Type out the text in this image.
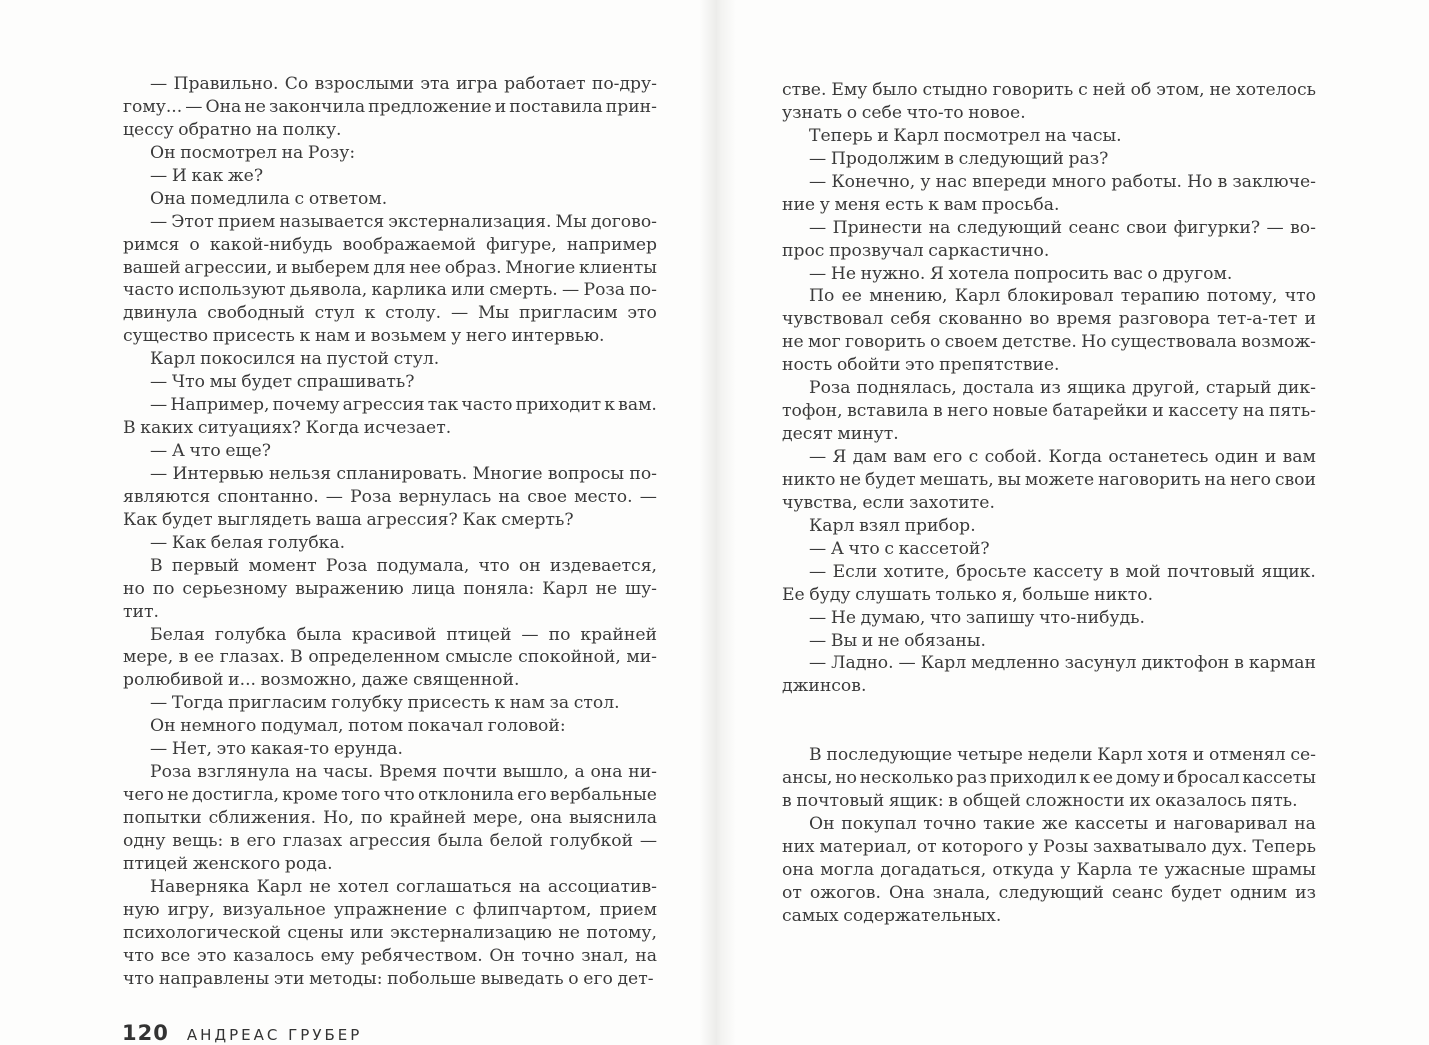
— Правильно. Со взрослыми эта игра работает по-дру-
гому... — Она не закончила предложение и поставила прин-
цессу обратно на полку.
Он посмотрел на Розу:
— И как же?
Она помедлила с ответом.
— Этот прием называется экстернализация. Мы догово-
римся о какой-нибудь воображаемой фигуре, например
вашей агрессии, и выберем для нее образ. Многие клиенты
часто используют дьявола, карлика или смерть. — Роза по-
двинула свободный стул к столу. — Мы пригласим это
существо присесть к нам и возьмем у него интервью.
Карл покосился на пустой стул.
— Что мы будет спрашивать?
— Например, почему агрессия так часто приходит к вам.
В каких ситуациях? Когда исчезает.
— А что еще?
— Интервью нельзя спланировать. Многие вопросы по-
являются спонтанно. — Роза вернулась на свое место. —
Как будет выглядеть ваша агрессия? Как смерть?
— Как белая голубка.
В первый момент Роза подумала, что он издевается,
но по серьезному выражению лица поняла: Карл не шу-
тит.
Белая голубка была красивой птицей — по крайней
мере, в ее глазах. В определенном смысле спокойной, ми-
ролюбивой и... возможно, даже священной.
— Тогда пригласим голубку присесть к нам за стол.
Он немного подумал, потом покачал головой:
— Нет, это какая-то ерунда.
Роза взглянула на часы. Время почти вышло, а она ни-
чего не достигла, кроме того что отклонила его вербальные
попытки сближения. Но, по крайней мере, она выяснила
одну вещь: в его глазах агрессия была белой голубкой —
птицей женского рода.
Наверняка Карл не хотел соглашаться на ассоциатив-
ную игру, визуальное упражнение с флипчартом, прием
психологической сцены или экстернализацию не потому,
что все это казалось ему ребячеством. Он точно знал, на
что направлены эти методы: побольше выведать о его дет-
120 АНДРЕАС ГРУБЕР
стве. Ему было стыдно говорить с ней об этом, не хотелось
узнать о себе что-то новое.
Теперь и Карл посмотрел на часы.
— Продолжим в следующий раз?
— Конечно, у нас впереди много работы. Но в заключе-
ние у меня есть к вам просьба.
— Принести на следующий сеанс свои фигурки? — во-
прос прозвучал саркастично.
— Не нужно. Я хотела попросить вас о другом.
По ее мнению, Карл блокировал терапию потому, что
чувствовал себя скованно во время разговора тет-а-тет и
не мог говорить о своем детстве. Но существовала возмож-
ность обойти это препятствие.
Роза поднялась, достала из ящика другой, старый дик-
тофон, вставила в него новые батарейки и кассету на пять-
десят минут.
— Я дам вам его с собой. Когда останетесь один и вам
никто не будет мешать, вы можете наговорить на него свои
чувства, если захотите.
Карл взял прибор.
— А что с кассетой?
— Если хотите, бросьте кассету в мой почтовый ящик.
Ее буду слушать только я, больше никто.
— Не думаю, что запишу что-нибудь.
— Вы и не обязаны.
— Ладно. — Карл медленно засунул диктофон в карман
джинсов.
В последующие четыре недели Карл хотя и отменял се-
ансы, но несколько раз приходил к ее дому и бросал кассеты
в почтовый ящик: в общей сложности их оказалось пять.
Он покупал точно такие же кассеты и наговаривал на
них материал, от которого у Розы захватывало дух. Теперь
она могла догадаться, откуда у Карла те ужасные шрамы
от ожогов. Она знала, следующий сеанс будет одним из
самых содержательных.
